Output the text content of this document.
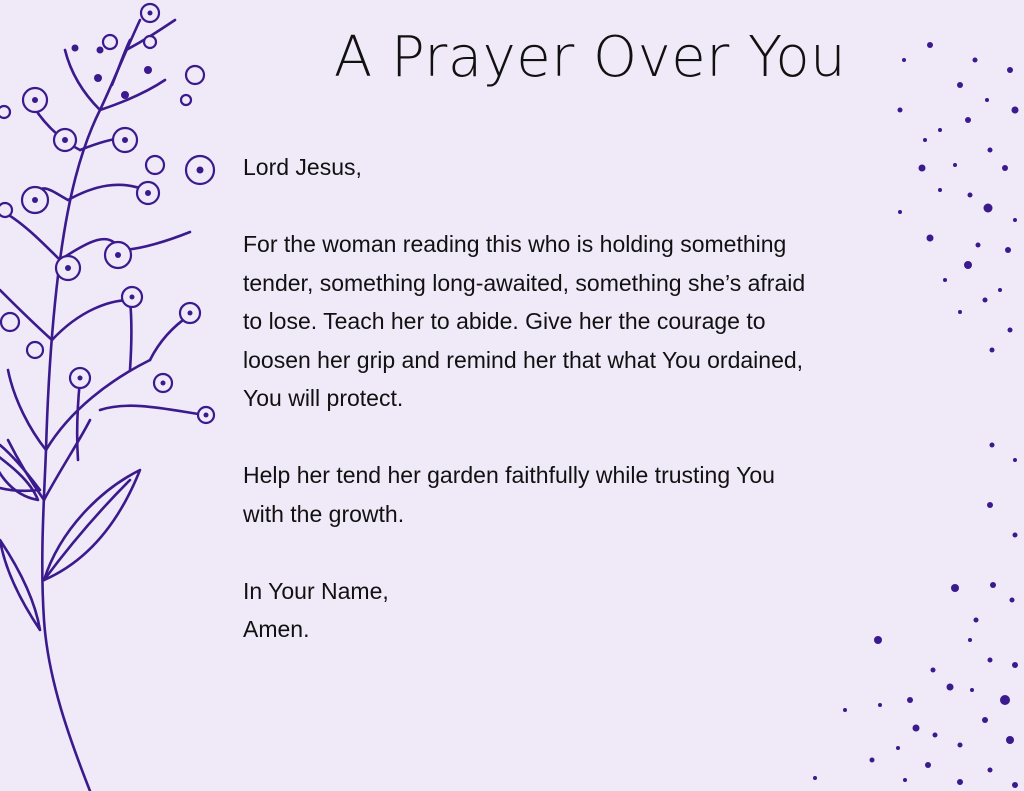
A Prayer Over You

Lord Jesus,

For the woman reading this who is holding something

tender, something long-awaited, something she’s afraid

to lose. Teach her to abide. Give her the courage to

loosen her grip and remind her that what You ordained,

You will protect.

Help her tend her garden faithfully while trusting You

with the growth.

In Your Name,

Amen.
